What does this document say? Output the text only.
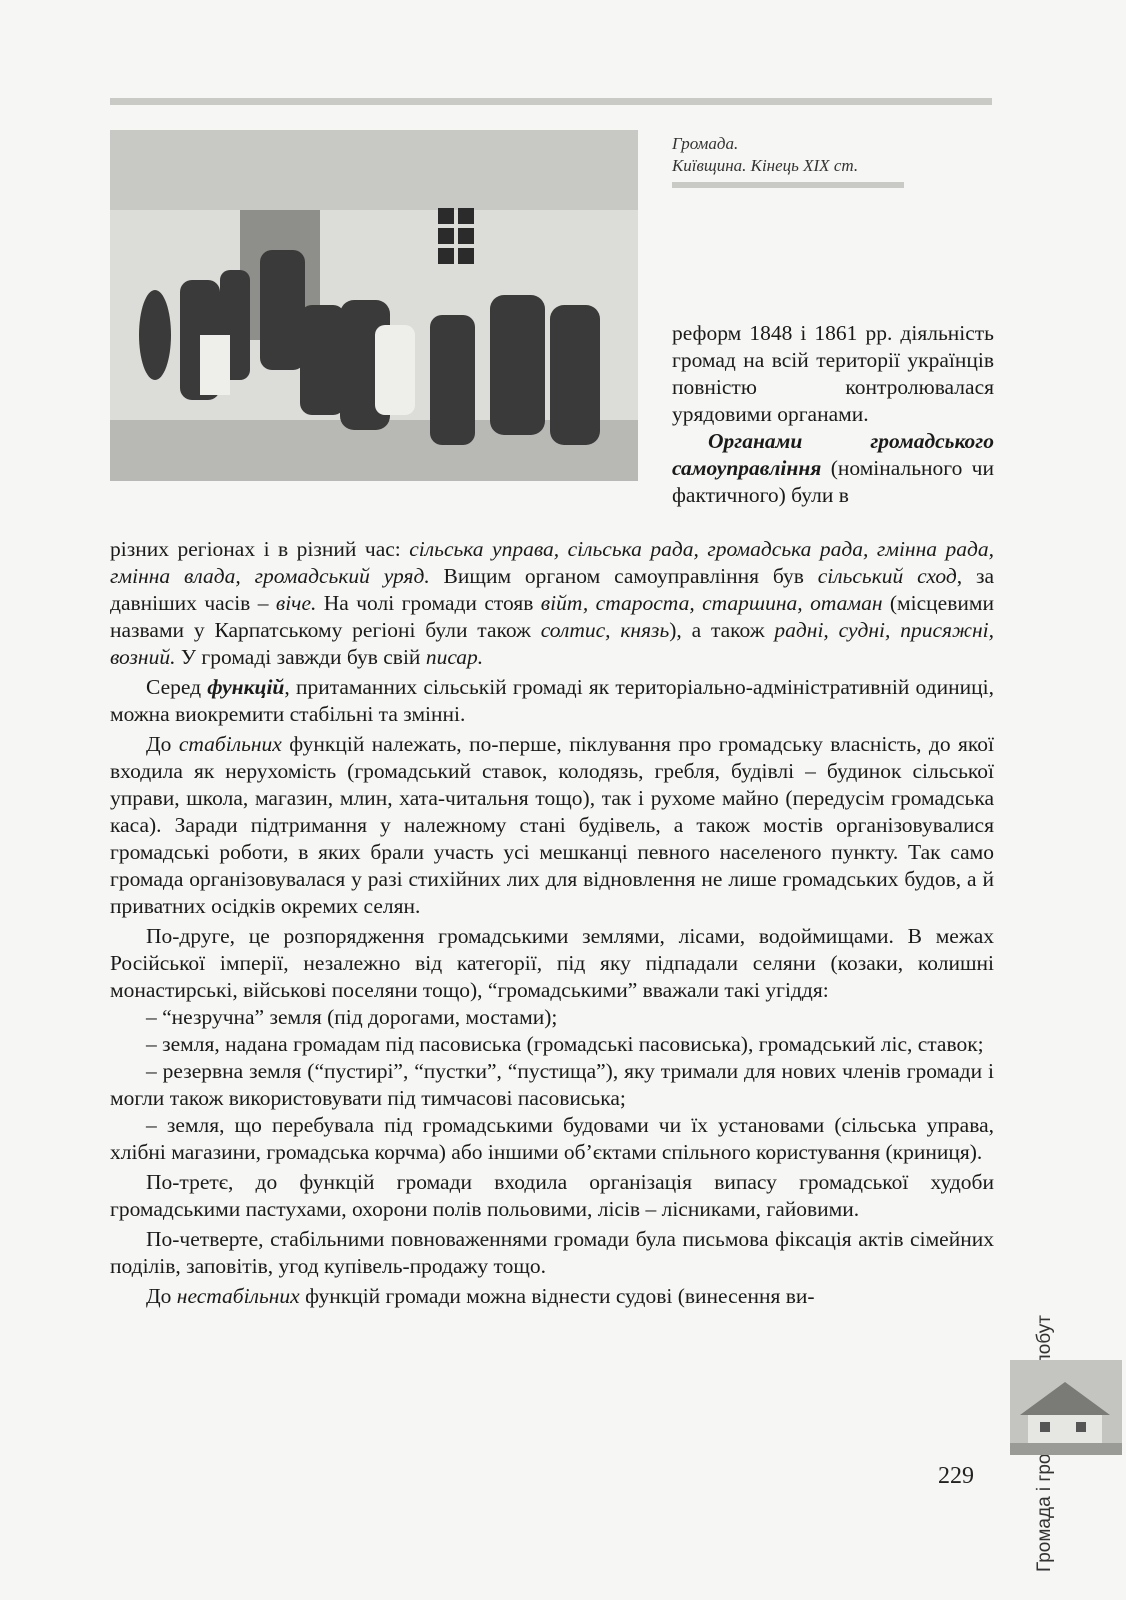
Громада.
Київщина. Кінець XIX ст.

реформ 1848 і 1861 рр. діяльність громад на всій території українців повністю контролювалася урядовими органами.

Органами громадського самоуправління (номінального чи фактичного) були в

різних регіонах і в різний час: сільська управа, сільська рада, громадська рада, гмінна рада, гмінна влада, громадський уряд. Вищим органом самоуправління був сільський сход, за давніших часів – віче. На чолі громади стояв війт, староста, старшина, отаман (місцевими назвами у Карпатському регіоні були також солтис, князь), а також радні, судні, присяжні, возний. У громаді завжди був свій писар.

Серед функцій, притаманних сільській громаді як територіально-адміністративній одиниці, можна виокремити стабільні та змінні.

До стабільних функцій належать, по-перше, піклування про громадську власність, до якої входила як нерухомість (громадський ставок, колодязь, гребля, будівлі – будинок сільської управи, школа, магазин, млин, хата-читальня тощо), так і рухоме майно (передусім громадська каса). Заради підтримання у належному стані будівель, а також мостів організовувалися громадські роботи, в яких брали участь усі мешканці певного населеного пункту. Так само громада організовувалася у разі стихійних лих для відновлення не лише громадських будов, а й приватних осідків окремих селян.

По-друге, це розпорядження громадськими землями, лісами, водоймищами. В межах Російської імперії, незалежно від категорії, під яку підпадали селяни (козаки, колишні монастирські, військові поселяни тощо), “громадськими” вважали такі угіддя:

– “незручна” земля (під дорогами, мостами);

– земля, надана громадам під пасовиська (громадські пасовиська), громадський ліс, ставок;

– резервна земля (“пустирі”, “пустки”, “пустища”), яку тримали для нових членів громади і могли також використовувати під тимчасові пасовиська;

– земля, що перебувала під громадськими будовами чи їх установами (сільська управа, хлібні магазини, громадська корчма) або іншими об’єктами спільного користування (криниця).

По-третє, до функцій громади входила організація випасу громадської худоби громадськими пастухами, охорони полів польовими, лісів – лісниками, гайовими.

По-четверте, стабільними повноваженнями громади була письмова фіксація актів сімейних поділів, заповітів, угод купівель-продажу тощо.

До нестабільних функцій громади можна віднести судові (винесення ви-

229
